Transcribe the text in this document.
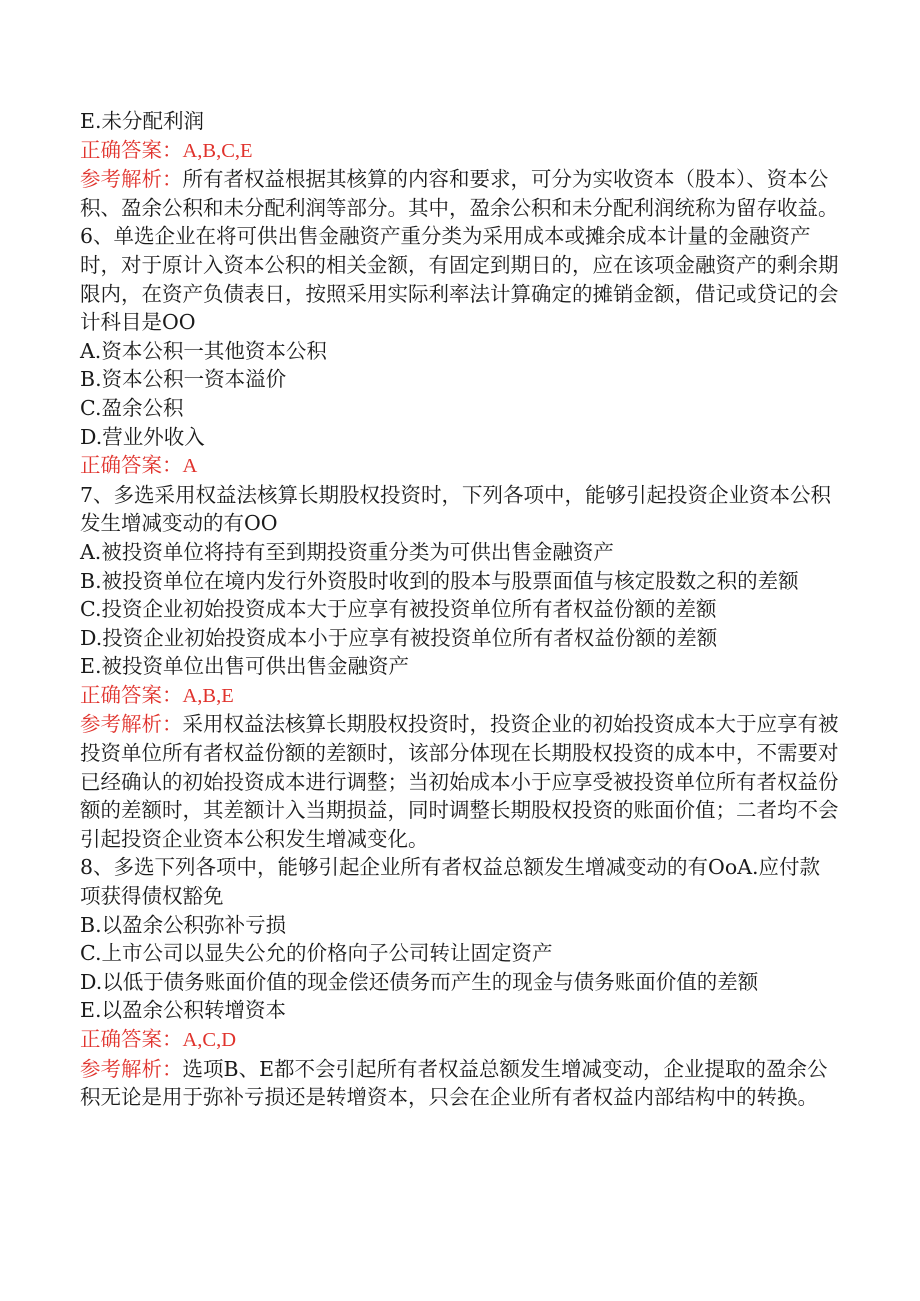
E.未分配利润

正确答案：A,B,C,E

参考解析：所有者权益根据其核算的内容和要求，可分为实收资本（股本）、资本公积、盈余公积和未分配利润等部分。其中，盈余公积和未分配利润统称为留存收益。

6、单选企业在将可供出售金融资产重分类为采用成本或摊余成本计量的金融资产时，对于原计入资本公积的相关金额，有固定到期日的，应在该项金融资产的剩余期限内，在资产负债表日，按照采用实际利率法计算确定的摊销金额，借记或贷记的会计科目是OO

A.资本公积一其他资本公积

B.资本公积一资本溢价

C.盈余公积

D.营业外收入

正确答案：A

7、多选采用权益法核算长期股权投资时，下列各项中，能够引起投资企业资本公积发生增减变动的有OO

A.被投资单位将持有至到期投资重分类为可供出售金融资产

B.被投资单位在境内发行外资股时收到的股本与股票面值与核定股数之积的差额

C.投资企业初始投资成本大于应享有被投资单位所有者权益份额的差额

D.投资企业初始投资成本小于应享有被投资单位所有者权益份额的差额

E.被投资单位出售可供出售金融资产

正确答案：A,B,E

参考解析：采用权益法核算长期股权投资时，投资企业的初始投资成本大于应享有被投资单位所有者权益份额的差额时，该部分体现在长期股权投资的成本中，不需要对已经确认的初始投资成本进行调整；当初始成本小于应享受被投资单位所有者权益份额的差额时，其差额计入当期损益，同时调整长期股权投资的账面价值；二者均不会引起投资企业资本公积发生增减变化。

8、多选下列各项中，能够引起企业所有者权益总额发生增减变动的有OoA.应付款项获得债权豁免

B.以盈余公积弥补亏损

C.上市公司以显失公允的价格向子公司转让固定资产

D.以低于债务账面价值的现金偿还债务而产生的现金与债务账面价值的差额

E.以盈余公积转增资本

正确答案：A,C,D

参考解析：选项B、E都不会引起所有者权益总额发生增减变动，企业提取的盈余公积无论是用于弥补亏损还是转增资本，只会在企业所有者权益内部结构中的转换。
